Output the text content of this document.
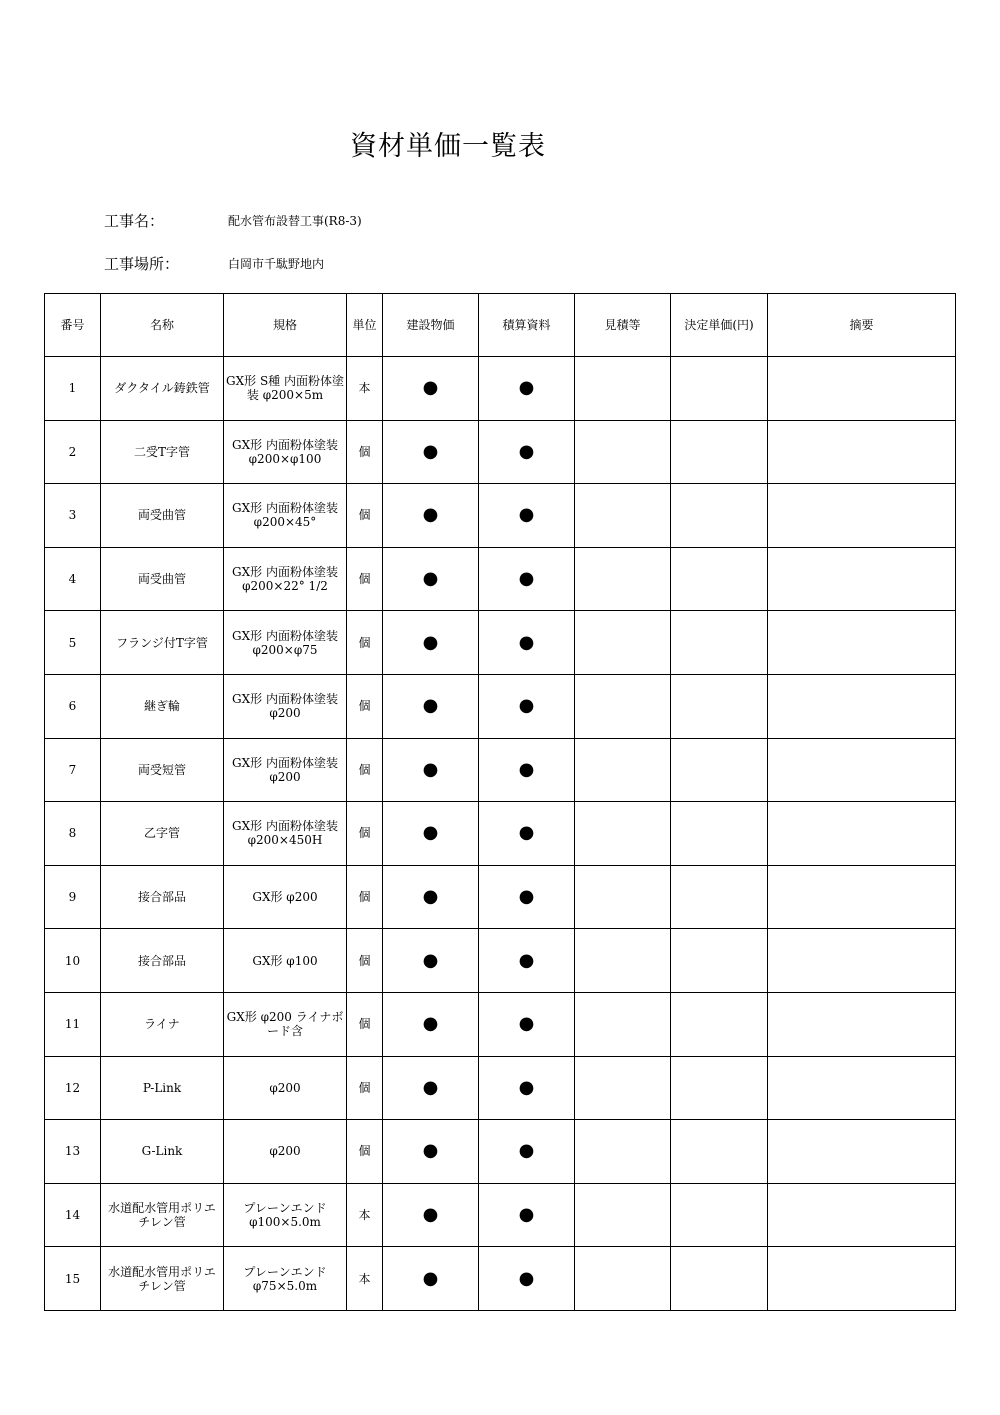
資材単価一覧表
工事名：	配水管布設替工事(R8-3)
工事場所：	白岡市千駄野地内
番号	名称	規格	単位	建設物価	積算資料	見積等	決定単価(円)	摘要
1	ダクタイル鋳鉄管	GX形 S種 内面粉体塗装 φ200×5m	本	●	●			
2	二受T字管	GX形 内面粉体塗装 φ200×φ100	個	●	●			
3	両受曲管	GX形 内面粉体塗装 φ200×45°	個	●	●			
4	両受曲管	GX形 内面粉体塗装 φ200×22° 1/2	個	●	●			
5	フランジ付T字管	GX形 内面粉体塗装 φ200×φ75	個	●	●			
6	継ぎ輪	GX形 内面粉体塗装 φ200	個	●	●			
7	両受短管	GX形 内面粉体塗装 φ200	個	●	●			
8	乙字管	GX形 内面粉体塗装 φ200×450H	個	●	●			
9	接合部品	GX形 φ200	個	●	●			
10	接合部品	GX形 φ100	個	●	●			
11	ライナ	GX形 φ200 ライナボード含	個	●	●			
12	P-Link	φ200	個	●	●			
13	G-Link	φ200	個	●	●			
14	水道配水管用ポリエチレン管	プレーンエンド φ100×5.0m	本	●	●			
15	水道配水管用ポリエチレン管	プレーンエンド φ75×5.0m	本	●	●			
